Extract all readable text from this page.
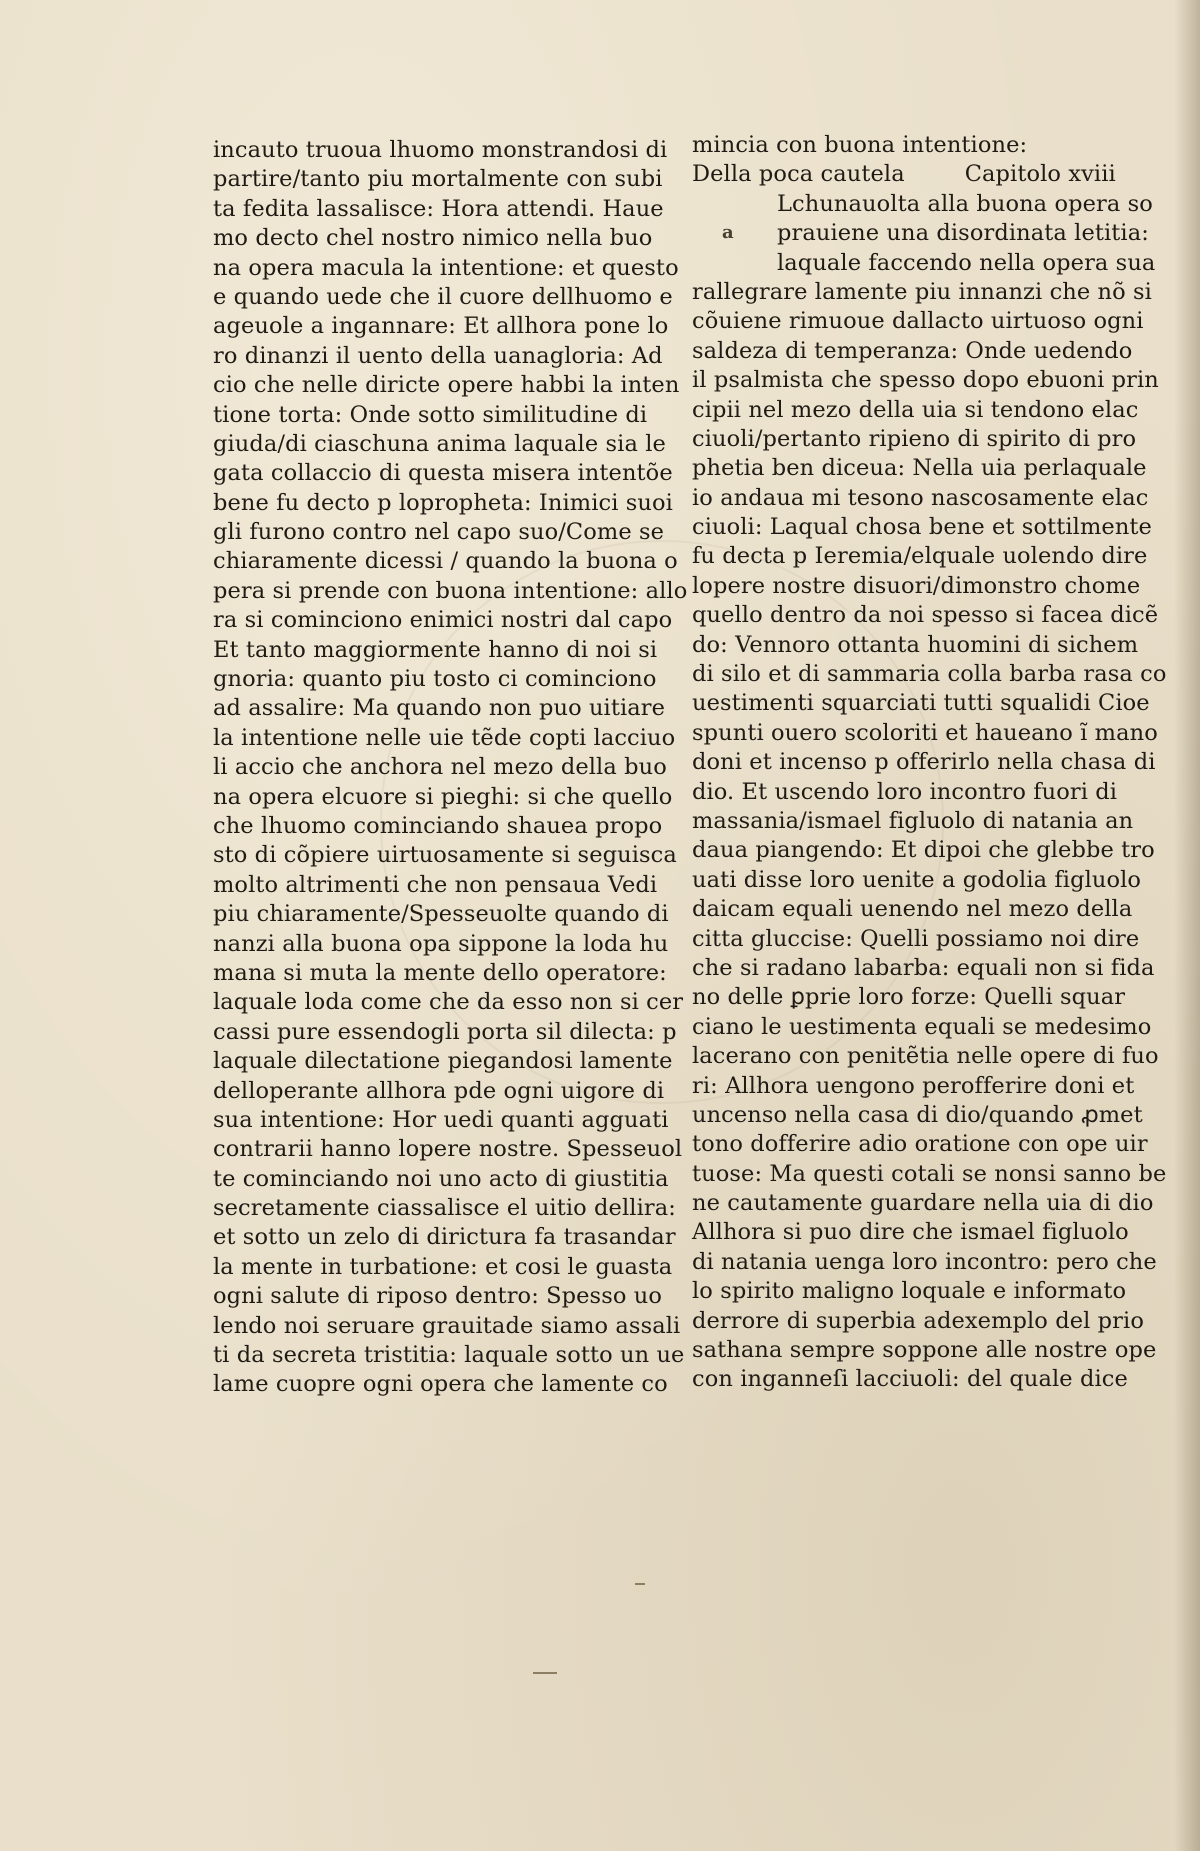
incauto truoua lhuomo monstrandosi di
partire/tanto piu mortalmente con subi
ta fedita lassalisce: Hora attendi. Haue
mo decto chel nostro nimico nella buo
na opera macula la intentione: et questo
e quando uede che il cuore dellhuomo e
ageuole a ingannare: Et allhora pone lo
ro dinanzi il uento della uanagloria: Ad
cio che nelle diricte opere habbi la inten
tione torta: Onde sotto similitudine di
giuda/di ciaschuna anima laquale sia le
gata collaccio di questa misera intentõe
bene fu decto p lopropheta: Inimici suoi
gli furono contro nel capo suo/Come se
chiaramente dicessi / quando la buona o
pera si prende con buona intentione: allo
ra si cominciono enimici nostri dal capo
Et tanto maggiormente hanno di noi si
gnoria: quanto piu tosto ci cominciono
ad assalire: Ma quando non puo uitiare
la intentione nelle uie tẽde copti lacciuo
li accio che anchora nel mezo della buo
na opera elcuore si pieghi: si che quello
che lhuomo cominciando shauea propo
sto di cõpiere uirtuosamente si seguisca
molto altrimenti che non pensaua Vedi
piu chiaramente/Spesseuolte quando di
nanzi alla buona opa sippone la loda hu
mana si muta la mente dello operatore:
laquale loda come che da esso non si cer
cassi pure essendogli porta sil dilecta: p
laquale dilectatione piegandosi lamente
delloperante allhora pde ogni uigore di
sua intentione: Hor uedi quanti agguati
contrarii hanno lopere nostre. Spesseuol
te cominciando noi uno acto di giustitia
secretamente ciassalisce el uitio dellira:
et sotto un zelo di dirictura fa trasandar
la mente in turbatione: et cosi le guasta
ogni salute di riposo dentro: Spesso uo
lendo noi seruare grauitade siamo assali
ti da secreta tristitia: laquale sotto un ue
lame cuopre ogni opera che lamente co
mincia con buona intentione:
Della poca cautela	Capitolo xviii
a
Lchunauolta alla buona opera so
prauiene una disordinata letitia:
laquale faccendo nella opera sua
rallegrare lamente piu innanzi che nõ si
cõuiene rimuoue dallacto uirtuoso ogni
saldeza di temperanza: Onde uedendo
il psalmista che spesso dopo ebuoni prin
cipii nel mezo della uia si tendono elac
ciuoli/pertanto ripieno di spirito di pro
phetia ben diceua: Nella uia perlaquale
io andaua mi tesono nascosamente elac
ciuoli: Laqual chosa bene et sottilmente
fu decta p Ieremia/elquale uolendo dire
lopere nostre disuori/dimonstro chome
quello dentro da noi spesso si facea dicẽ
do: Vennoro ottanta huomini di sichem
di silo et di sammaria colla barba rasa co
uestimenti squarciati tutti squalidi Cioe
spunti ouero scoloriti et haueano ĩ mano
doni et incenso p offerirlo nella chasa di
dio. Et uscendo loro incontro fuori di
massania/ismael figluolo di natania an
daua piangendo: Et dipoi che glebbe tro
uati disse loro uenite a godolia figluolo
daicam equali uenendo nel mezo della
citta gluccise: Quelli possiamo noi dire
che si radano labarba: equali non si fida
no delle ꝑprie loro forze: Quelli squar
ciano le uestimenta equali se medesimo
lacerano con penitẽtia nelle opere di fuo
ri: Allhora uengono perofferire doni et
uncenso nella casa di dio/quando ꝓmet
tono dofferire adio oratione con ope uir
tuose: Ma questi cotali se nonsi sanno be
ne cautamente guardare nella uia di dio
Allhora si puo dire che ismael figluolo
di natania uenga loro incontro: pero che
lo spirito maligno loquale e informato
derrore di superbia adexemplo del prio
sathana sempre soppone alle nostre ope
con inganneſi lacciuoli: del quale dice
